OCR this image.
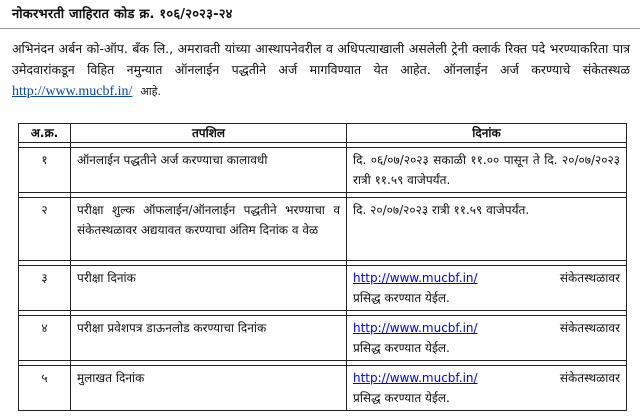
नोकरभरती जाहिरात कोड क्र. १०६/२०२३-२४
अभिनंदन अर्बन को-ऑप. बँक लि., अमरावती यांच्या आस्थापनेवरील व अधिपत्याखाली असलेली ट्रेनी क्लार्क रिक्त पदे भरण्याकरिता पात्र उमेदवारांकडून विहित नमुन्यात ऑनलाईन पद्धतीने अर्ज मागविण्यात येत आहेत. ऑनलाईन अर्ज करण्याचे संकेतस्थळ http://www.mucbf.in/ आहे.
अ.क्र.	तपशिल	दिनांक

१	ऑनलाईन पद्धतीने अर्ज करण्याचा कालावधी	दि. ०६/०७/२०२३ सकाळी ११.०० पासून ते दि. २०/०७/२०२३ रात्री ११.५९ वाजेपर्यंत.

२	परीक्षा शुल्क ऑफलाईन/ऑनलाईन पद्धतीने भरण्याचा व संकेतस्थळावर अद्ययावत करण्याचा अंतिम दिनांक व वेळ	दि. २०/०७/२०२३ रात्री ११.५९ वाजेपर्यंत.

३	परीक्षा दिनांक	http://www.mucbf.in/ संकेतस्थळावर
प्रसिद्ध करण्यात येईल.

४	परीक्षा प्रवेशपत्र डाऊनलोड करण्याचा दिनांक	http://www.mucbf.in/ संकेतस्थळावर
प्रसिद्ध करण्यात येईल.

५	मुलाखत दिनांक	http://www.mucbf.in/ संकेतस्थळावर
प्रसिद्ध करण्यात येईल.
